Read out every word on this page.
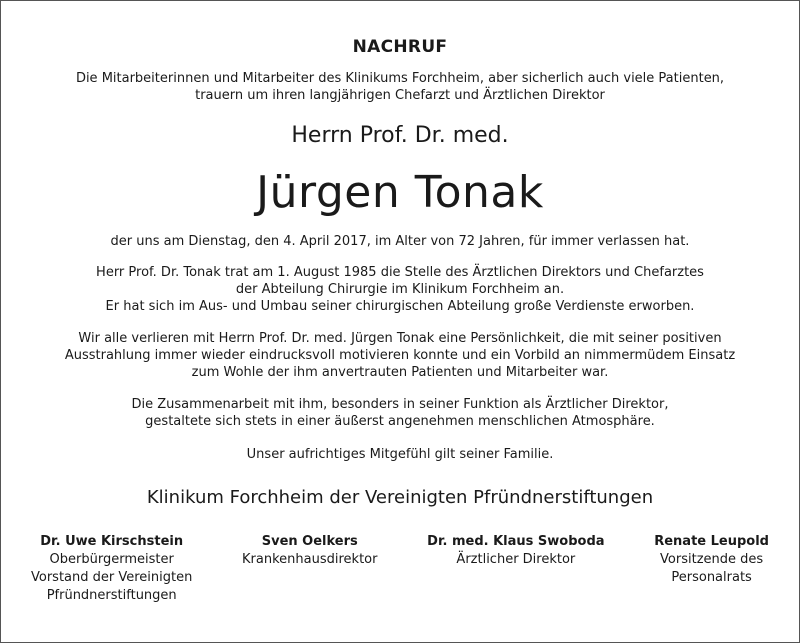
NACHRUF
Die Mitarbeiterinnen und Mitarbeiter des Klinikums Forchheim, aber sicherlich auch viele Patienten,
trauern um ihren langjährigen Chefarzt und Ärztlichen Direktor
Herrn Prof. Dr. med.
Jürgen Tonak
der uns am Dienstag, den 4. April 2017, im Alter von 72 Jahren, für immer verlassen hat.
Herr Prof. Dr. Tonak trat am 1. August 1985 die Stelle des Ärztlichen Direktors und Chefarztes
der Abteilung Chirurgie im Klinikum Forchheim an.
Er hat sich im Aus- und Umbau seiner chirurgischen Abteilung große Verdienste erworben.
Wir alle verlieren mit Herrn Prof. Dr. med. Jürgen Tonak eine Persönlichkeit, die mit seiner positiven
Ausstrahlung immer wieder eindrucksvoll motivieren konnte und ein Vorbild an nimmermüdem Einsatz
zum Wohle der ihm anvertrauten Patienten und Mitarbeiter war.
Die Zusammenarbeit mit ihm, besonders in seiner Funktion als Ärztlicher Direktor,
gestaltete sich stets in einer äußerst angenehmen menschlichen Atmosphäre.
Unser aufrichtiges Mitgefühl gilt seiner Familie.
Klinikum Forchheim der Vereinigten Pfründnerstiftungen
Dr. Uwe Kirschstein
Oberbürgermeister
Vorstand der Vereinigten
Pfründnerstiftungen
Sven Oelkers
Krankenhausdirektor
Dr. med. Klaus Swoboda
Ärztlicher Direktor
Renate Leupold
Vorsitzende des
Personalrats
